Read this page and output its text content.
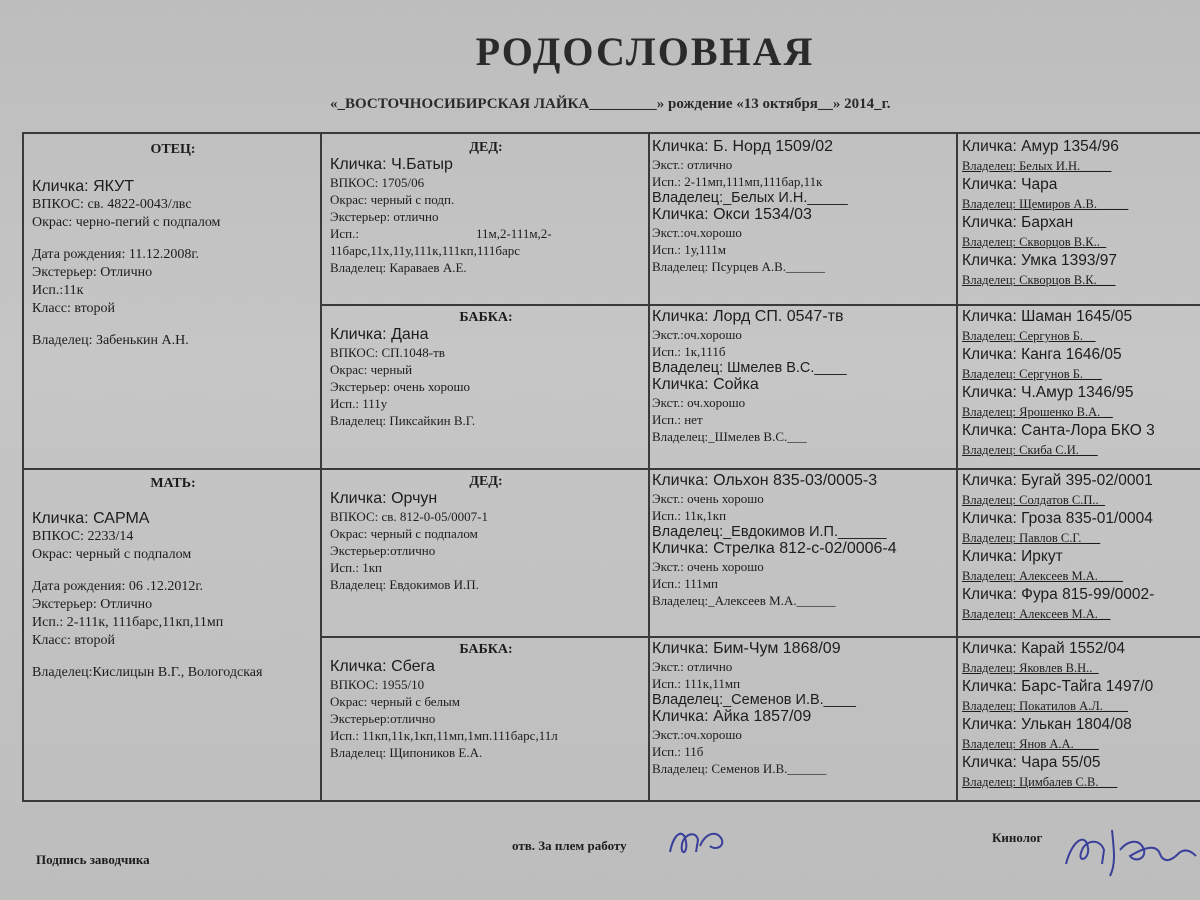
РОДОСЛОВНАЯ
«_ВОСТОЧНОСИБИРСКАЯ ЛАЙКА_________» рождение «13 октября__» 2014_г.
ОТЕЦ:
Кличка: ЯКУТ
ВПКОС: св. 4822-0043/лвс
Окрас: черно-пегий с подпалом
Дата рождения: 11.12.2008г.
Экстерьер: Отлично
Исп.:11к
Класс: второй
Владелец: Забенькин А.Н.
МАТЬ:
Кличка: САРМА
ВПКОС: 2233/14
Окрас: черный с подпалом
Дата рождения: 06 .12.2012г.
Экстерьер: Отлично
Исп.: 2-111к, 111барс,11кп,11мп
Класс: второй
Владелец:Кислицын В.Г., Вологодская
ДЕД:
Кличка: Ч.Батыр
ВПКОС: 1705/06
Окрас: черный с подп.
Экстерьер: отлично
Исп.:                                    11м,2-111м,2-11барс,11х,11у,111к,111кп,111барс
Владелец: Караваев А.Е.
БАБКА:
Кличка: Дана
ВПКОС: СП.1048-тв
Окрас: черный
Экстерьер: очень хорошо
Исп.: 111у
Владелец: Пиксайкин В.Г.
ДЕД:
Кличка: Орчун
ВПКОС: св. 812-0-05/0007-1
Окрас: черный с подпалом
Экстерьер:отлично
Исп.: 1кп
Владелец: Евдокимов И.П.
БАБКА:
Кличка: Сбега
ВПКОС: 1955/10
Окрас: черный с белым
Экстерьер:отлично
Исп.: 11кп,11к,1кп,11мп,1мп.111барс,11л
Владелец: Щипоников Е.А.
Кличка: Б. Норд 1509/02
Экст.: отлично
Исп.: 2-11мп,111мп,111бар,11к
Владелец:_Белых И.Н._____
Кличка: Окси 1534/03
Экст.:оч.хорошо
Исп.: 1у,111м
Владелец: Псурцев А.В.______
Кличка: Лорд СП. 0547-тв
Экст.:оч.хорошо
Исп.: 1к,111б
Владелец: Шмелев В.С.____
Кличка: Сойка
Экст.: оч.хорошо
Исп.: нет
Владелец:_Шмелев В.С.___
Кличка: Ольхон 835-03/0005-3
Экст.: очень хорошо
Исп.: 11к,1кп
Владелец:_Евдокимов И.П.______
Кличка: Стрелка 812-с-02/0006-4
Экст.: очень хорошо
Исп.: 111мп
Владелец:_Алексеев М.А.______
Кличка: Бим-Чум 1868/09
Экст.: отлично
Исп.: 111к,11мп
Владелец:_Семенов И.В.____
Кличка: Айка 1857/09
Экст.:оч.хорошо
Исп.: 11б
Владелец: Семенов И.В.______
Кличка: Амур 1354/96
Владелец: Белых И.Н._____
Кличка: Чара
Владелец: Щемиров А.В._____
Кличка: Бархан
Владелец: Скворцов В.К.._
Кличка: Умка 1393/97
Владелец: Скворцов В.К.___
Кличка: Шаман 1645/05
Владелец: Сергунов Б.__
Кличка: Канга 1646/05
Владелец: Сергунов Б.___
Кличка: Ч.Амур 1346/95
Владелец: Ярошенко В.А.__
Кличка: Санта-Лора БКО 3
Владелец: Скиба С.И.___
Кличка: Бугай 395-02/0001
Владелец: Солдатов С.П.._
Кличка: Гроза 835-01/0004
Владелец: Павлов С.Г.___
Кличка: Иркут
Владелец: Алексеев М.А.____
Кличка: Фура 815-99/0002-
Владелец: Алексеев М.А.__
Кличка: Карай 1552/04
Владелец: Яковлев В.Н.._
Кличка: Барс-Тайга 1497/0
Владелец: Покатилов А.Л.____
Кличка: Улькан 1804/08
Владелец: Янов А.А.____
Кличка: Чара 55/05
Владелец: Цимбалев С.В.___
отв. За плем работу
Кинолог
Подпись заводчика
